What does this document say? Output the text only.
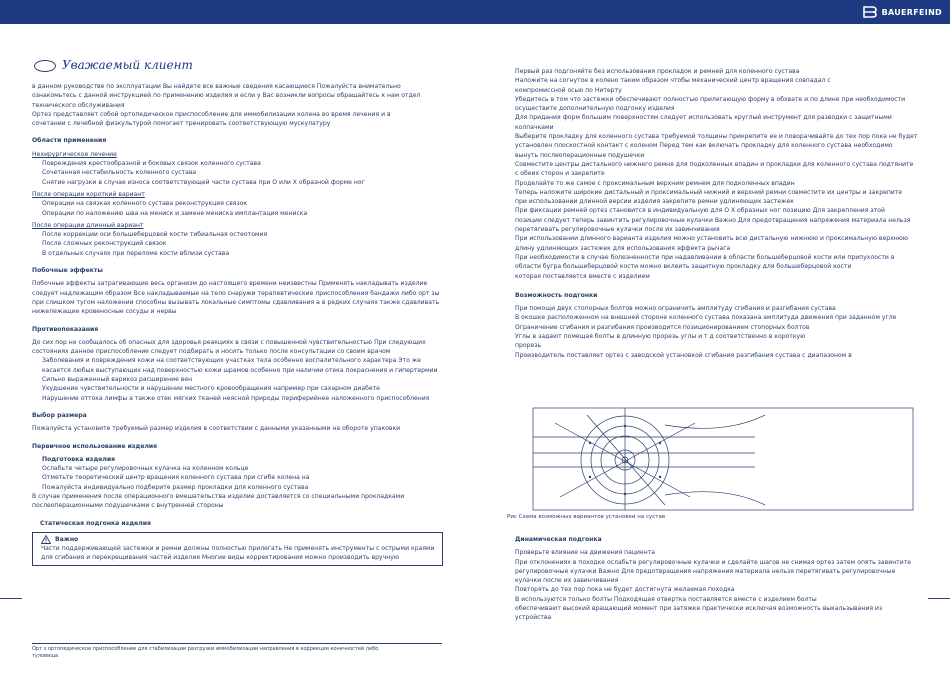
BAUERFEIND
Уважаемый клиент

в данном руководстве по эксплуатации Вы найдете все важные сведения касающиеся Пожалуйста внимательно

ознакомьтесь с данной инструкцией по применению изделия и если у Вас возникли вопросы обращайтесь к нам отдел

технического обслуживания

Ортез представляет собой ортопедическое приспособление для иммобилизации колена во время лечения и в

сочетании с лечебной физкультурой помогает тренировать соответствующую мускулатуру

Области применения

Нехирургическое лечение

Повреждения крестообразной и боковых связок коленного сустава

Сочетанная нестабильность коленного сустава

Снятие нагрузки в случае износа соответствующей части сустава при О или Х образной форме ног

После операции короткий вариант

Операции на связках коленного сустава реконструкция связок

Операции по наложению шва на мениск и замене мениска имплантация мениска

После операции длинный вариант

После коррекции оси большеберцовой кости тибиальная остеотомия

После сложных реконструкций связок

В отдельных случаях при переломе кости вблизи сустава

Побочные эффекты

Побочные эффекты затрагивающие весь организм до настоящего времени неизвестны Применять накладывать изделие

следует надлежащим образом Все накладываемые на тело снаружи терапевтические приспособления бандажи либо орт зы

при слишком тугом наложении способны вызывать локальные симптомы сдавливания а в редких случаях также сдавливать

нижележащие кровеносные сосуды и нервы

Противопоказания

До сих пор не сообщалось об опасных для здоровья реакциях в связи с повышенной чувствительностью При следующих

состояниях данное приспособление следует подбирать и носить только после консультации со своим врачом

Заболевания и повреждения кожи на соответствующих участках тела особенно воспалительного характера Это же

касается любых выступающих над поверхностью кожи шрамов особенно при наличии отека покраснения и гипертермии

Сильно выраженный варикоз расширение вен

Ухудшение чувствительности и нарушение местного кровообращения например при сахарном диабете

Нарушение оттока лимфы а также отек мягких тканей неясной природы периферийнее наложенного приспособления

Выбор размера

Пожалуйста установите требуемый размер изделия в соответствии с данными указанными на обороте упаковки

Первичное использование изделия

Подготовка изделия

Ослабьте четыре регулировочных кулачка на коленном кольце

Отметьте теоретический центр вращения коленного сустава при сгибе колена на

Пожалуйста индивидуально подберите размер прокладки для коленного сустава

В случае применения после операционного вмешательства изделие доставляется со специальными прокладками

послеоперационными подушечками с внутренней стороны

Статическая подгонка изделия

Важно

Части поддерживающей застежки и ремни должны полностью прилегать Не применять инструменты с острыми краями

для сгибания и перекрещивания частей изделия Многие виды корректирования можно производить вручную

Орт з ортопедическое приспособление для стабилизации разгрузки иммобилизации направления в коррекции конечностей либо

туловища

Первый раз подгоняйте без использования прокладок и ремней для коленного сустава

Наложите на согнутое в колено таким образом чтобы механический центр вращения совпадал с

компромиссной осью по Нитерту

Убедитесь в том что застежки обеспечивают полностью прилегающую форму в обхвате и по длине при необходимости

осуществите дополнительную подгонку изделия

Для придания форм большим поверхностям следует использовать круглый инструмент для разводки с защитными

колпачками

Выберите прокладку для коленного сустава требуемой толщины прикрепите ее и поворачивайте до тех пор пока не будет

установлен плоскостной контакт с коленом Перед тем как включать прокладку для коленного сустава необходимо

вынуть послеоперационные подушечки

Совместите центры дистального нижнего ремня для подколенных впадин и прокладки для коленного сустава подтяните

с обеих сторон и закрепите

Проделайте то же самое с проксимальным верхним ремнем для подколенных впадин

Теперь наложите широкие дистальный и проксимальный нижний и верхний ремни совместите их центры и закрепите

при использовании длинной версии изделия закрепите ремни удлиняющих застежек

При фиксации ремней ортез становится в индивидуальную для О Х образных ног позицию Для закрепления этой

позиции следует теперь завинтить регулировочные кулачки Важно Для предотвращения напряжения материала нельзя

перетягивать регулировочные кулачки после их завинчивания

При использовании длинного варианта изделия можно установить всю дистальную нижнюю и проксимальную верхнюю

длину удлиняющих застежек для использования эффекта рычага

При необходимости в случае болезненности при надавливании в области большеберцовой кости или припухлости в

области бугра большеберцовой кости можно вклеить защитную прокладку для большеберцовой кости

которая поставляется вместе с изделием

Возможность подгонки

При помощи двух стопорных болтов можно ограничить амплитуду сгибания и разгибания сустава

В окошке расположенном на внешней стороне коленного сустава показана амплитуда движения при заданном угле

Ограничение сгибания и разгибания производится позиционированием стопорных болтов

Углы в задают помещая болты в длинную прорезь углы и т д соответственно в короткую

прорезь

Производитель поставляет ортез с заводской установкой сгибания разгибания сустава с диапазоном в

Рис Схема возможных вариантов установки на сустав

Динамическая подгонка

Проверьте влияние на движения пациента

При отклонениях в походке ослабьте регулировочные кулачки и сделайте шагов не снимая ортез затем опять завинтите

регулировочные кулачки Важно Для предотвращения напряжения материала нельзя перетягивать регулировочные

кулачки после их завинчивания

Повторять до тех пор пока не будет достигнута желаемая походка

В используются только болты Подходящая отвертка поставляется вместе с изделием болты

обеспечивают высокий вращающий момент при затяжке практически исключая возможность выкальзывания из

устройства
